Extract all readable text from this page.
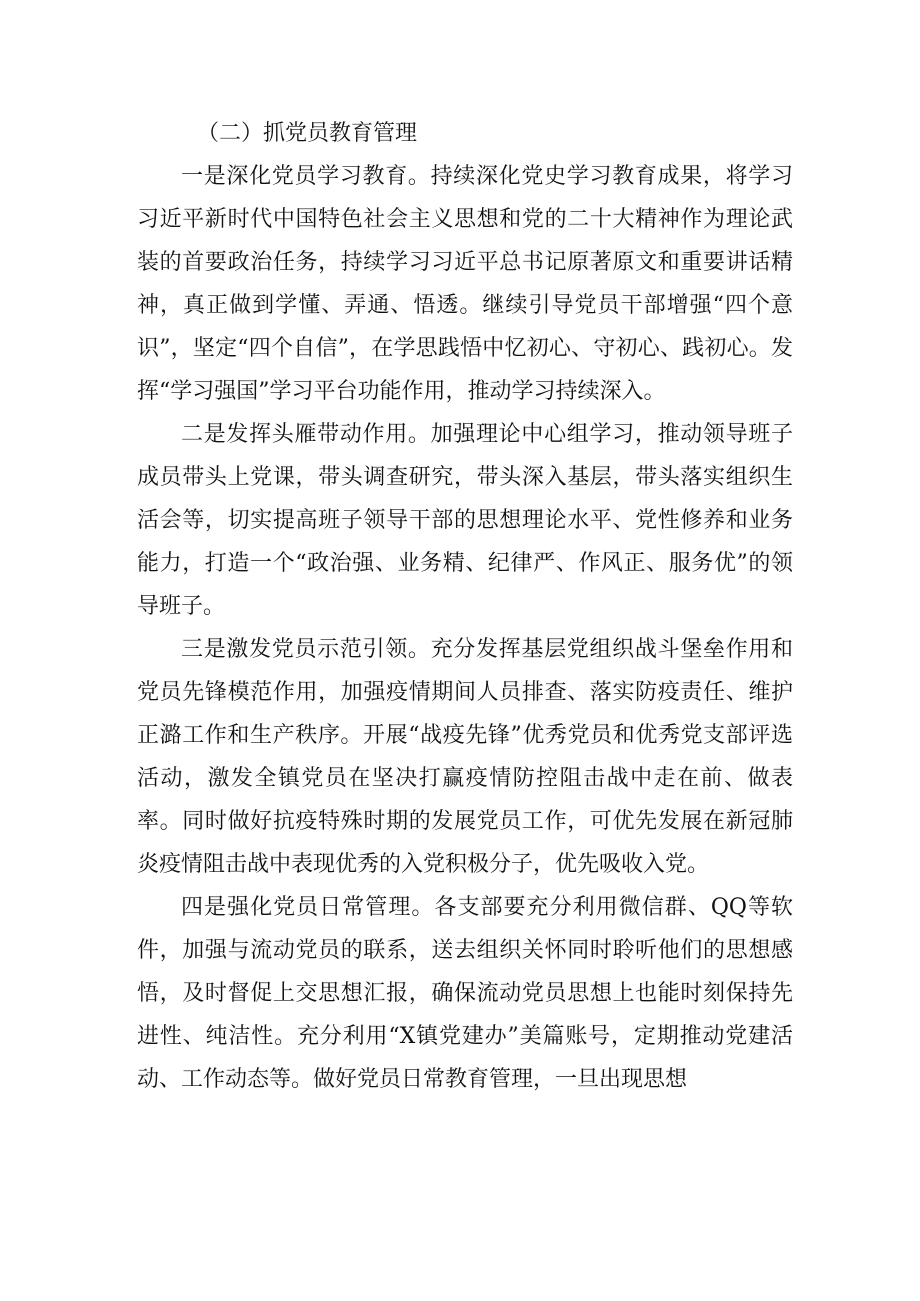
（二）抓党员教育管理

一是深化党员学习教育。持续深化党史学习教育成果，将学习习近平新时代中国特色社会主义思想和党的二十大精神作为理论武装的首要政治任务，持续学习习近平总书记原著原文和重要讲话精神，真正做到学懂、弄通、悟透。继续引导党员干部增强“四个意识”，坚定“四个自信”，在学思践悟中忆初心、守初心、践初心。发挥“学习强国”学习平台功能作用，推动学习持续深入。

二是发挥头雁带动作用。加强理论中心组学习，推动领导班子成员带头上党课，带头调查研究，带头深入基层，带头落实组织生活会等，切实提高班子领导干部的思想理论水平、党性修养和业务能力，打造一个“政治强、业务精、纪律严、作风正、服务优”的领导班子。

三是激发党员示范引领。充分发挥基层党组织战斗堡垒作用和党员先锋模范作用，加强疫情期间人员排查、落实防疫责任、维护正潞工作和生产秩序。开展“战疫先锋”优秀党员和优秀党支部评选活动，激发全镇党员在坚决打赢疫情防控阻击战中走在前、做表率。同时做好抗疫特殊时期的发展党员工作，可优先发展在新冠肺炎疫情阻击战中表现优秀的入党积极分子，优先吸收入党。

四是强化党员日常管理。各支部要充分利用微信群、QQ等软件，加强与流动党员的联系，送去组织关怀同时聆听他们的思想感悟，及时督促上交思想汇报，确保流动党员思想上也能时刻保持先进性、纯洁性。充分利用“X镇党建办”美篇账号，定期推动党建活动、工作动态等。做好党员日常教育管理，一旦出现思想
